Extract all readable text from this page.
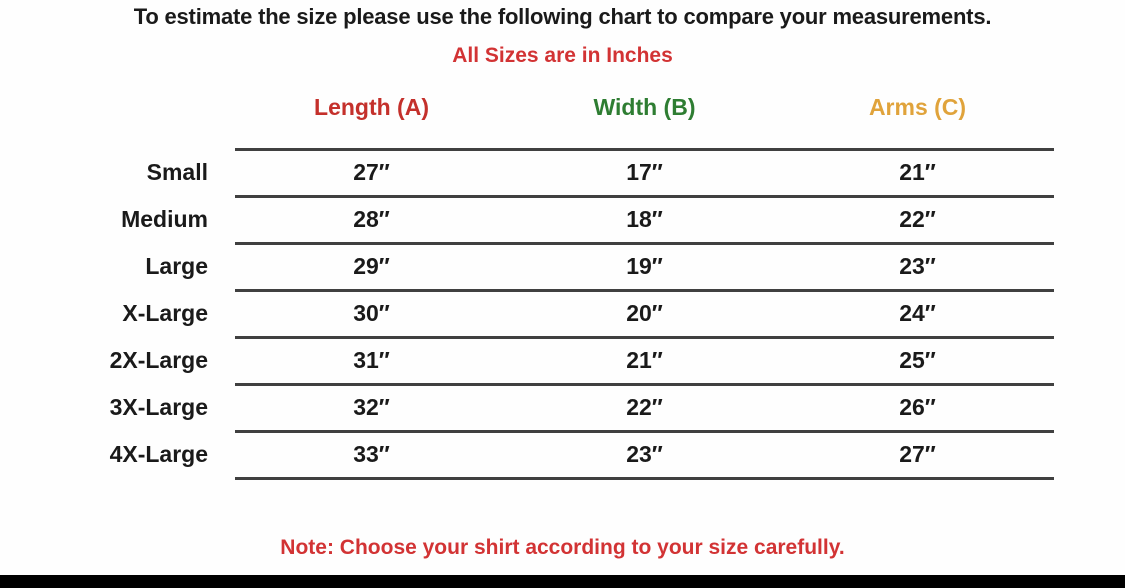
To estimate the size please use the following chart to compare your measurements.
All Sizes are in Inches
	Length (A)	Width (B)	Arms (C)
Small	27″	17″	21″
Medium	28″	18″	22″
Large	29″	19″	23″
X-Large	30″	20″	24″
2X-Large	31″	21″	25″
3X-Large	32″	22″	26″
4X-Large	33″	23″	27″
Note: Choose your shirt according to your size carefully.
